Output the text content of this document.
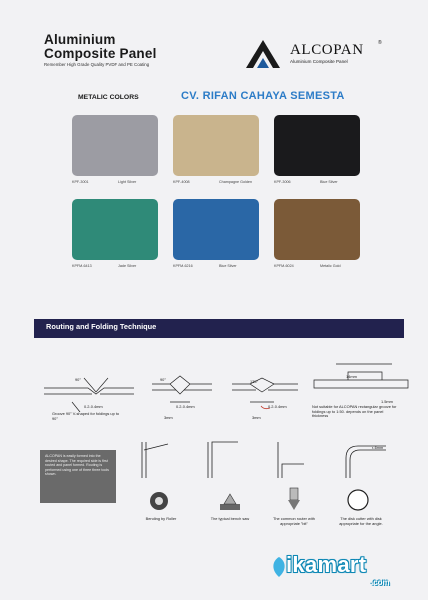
Aluminium
Composite Panel
Remember High Grade Quality PVDF and PE Coating
ALCOPAN	®
Aluminium Composite Panel
METALIC COLORS	CV. RIFAN CAHAYA SEMESTA
KPF-3001	Light Silver	KPF-4008	Champagne Golden	KPF-3006	Blue Silver
KPFM-6413	Jade Silver	KPFM-6216	Blue Silver	KPFM-6024	Metalic Gold
Routing and Folding Technique
90°
0.2-0.4mm
Groove 90° V-shaped for foldings up to 90°
90°
0.2-0.4mm
3mm
135°
0.2-0.4mm
3mm
14mm
1.5mm
Not suitable for ALCOPAN rectangular groove for foldings up to 1:50. depends on the panel thickness
ALCOPAN is easily formed into the desired shape. The required side is first routed and panel formed. Routing is performed using one of three three tools shown.
r-6mm
Bending by Roller	The typical bench saw	The common router with appropriate "bit"
The disk cutter with disk appropriate for the angle.
ikamart
.com
